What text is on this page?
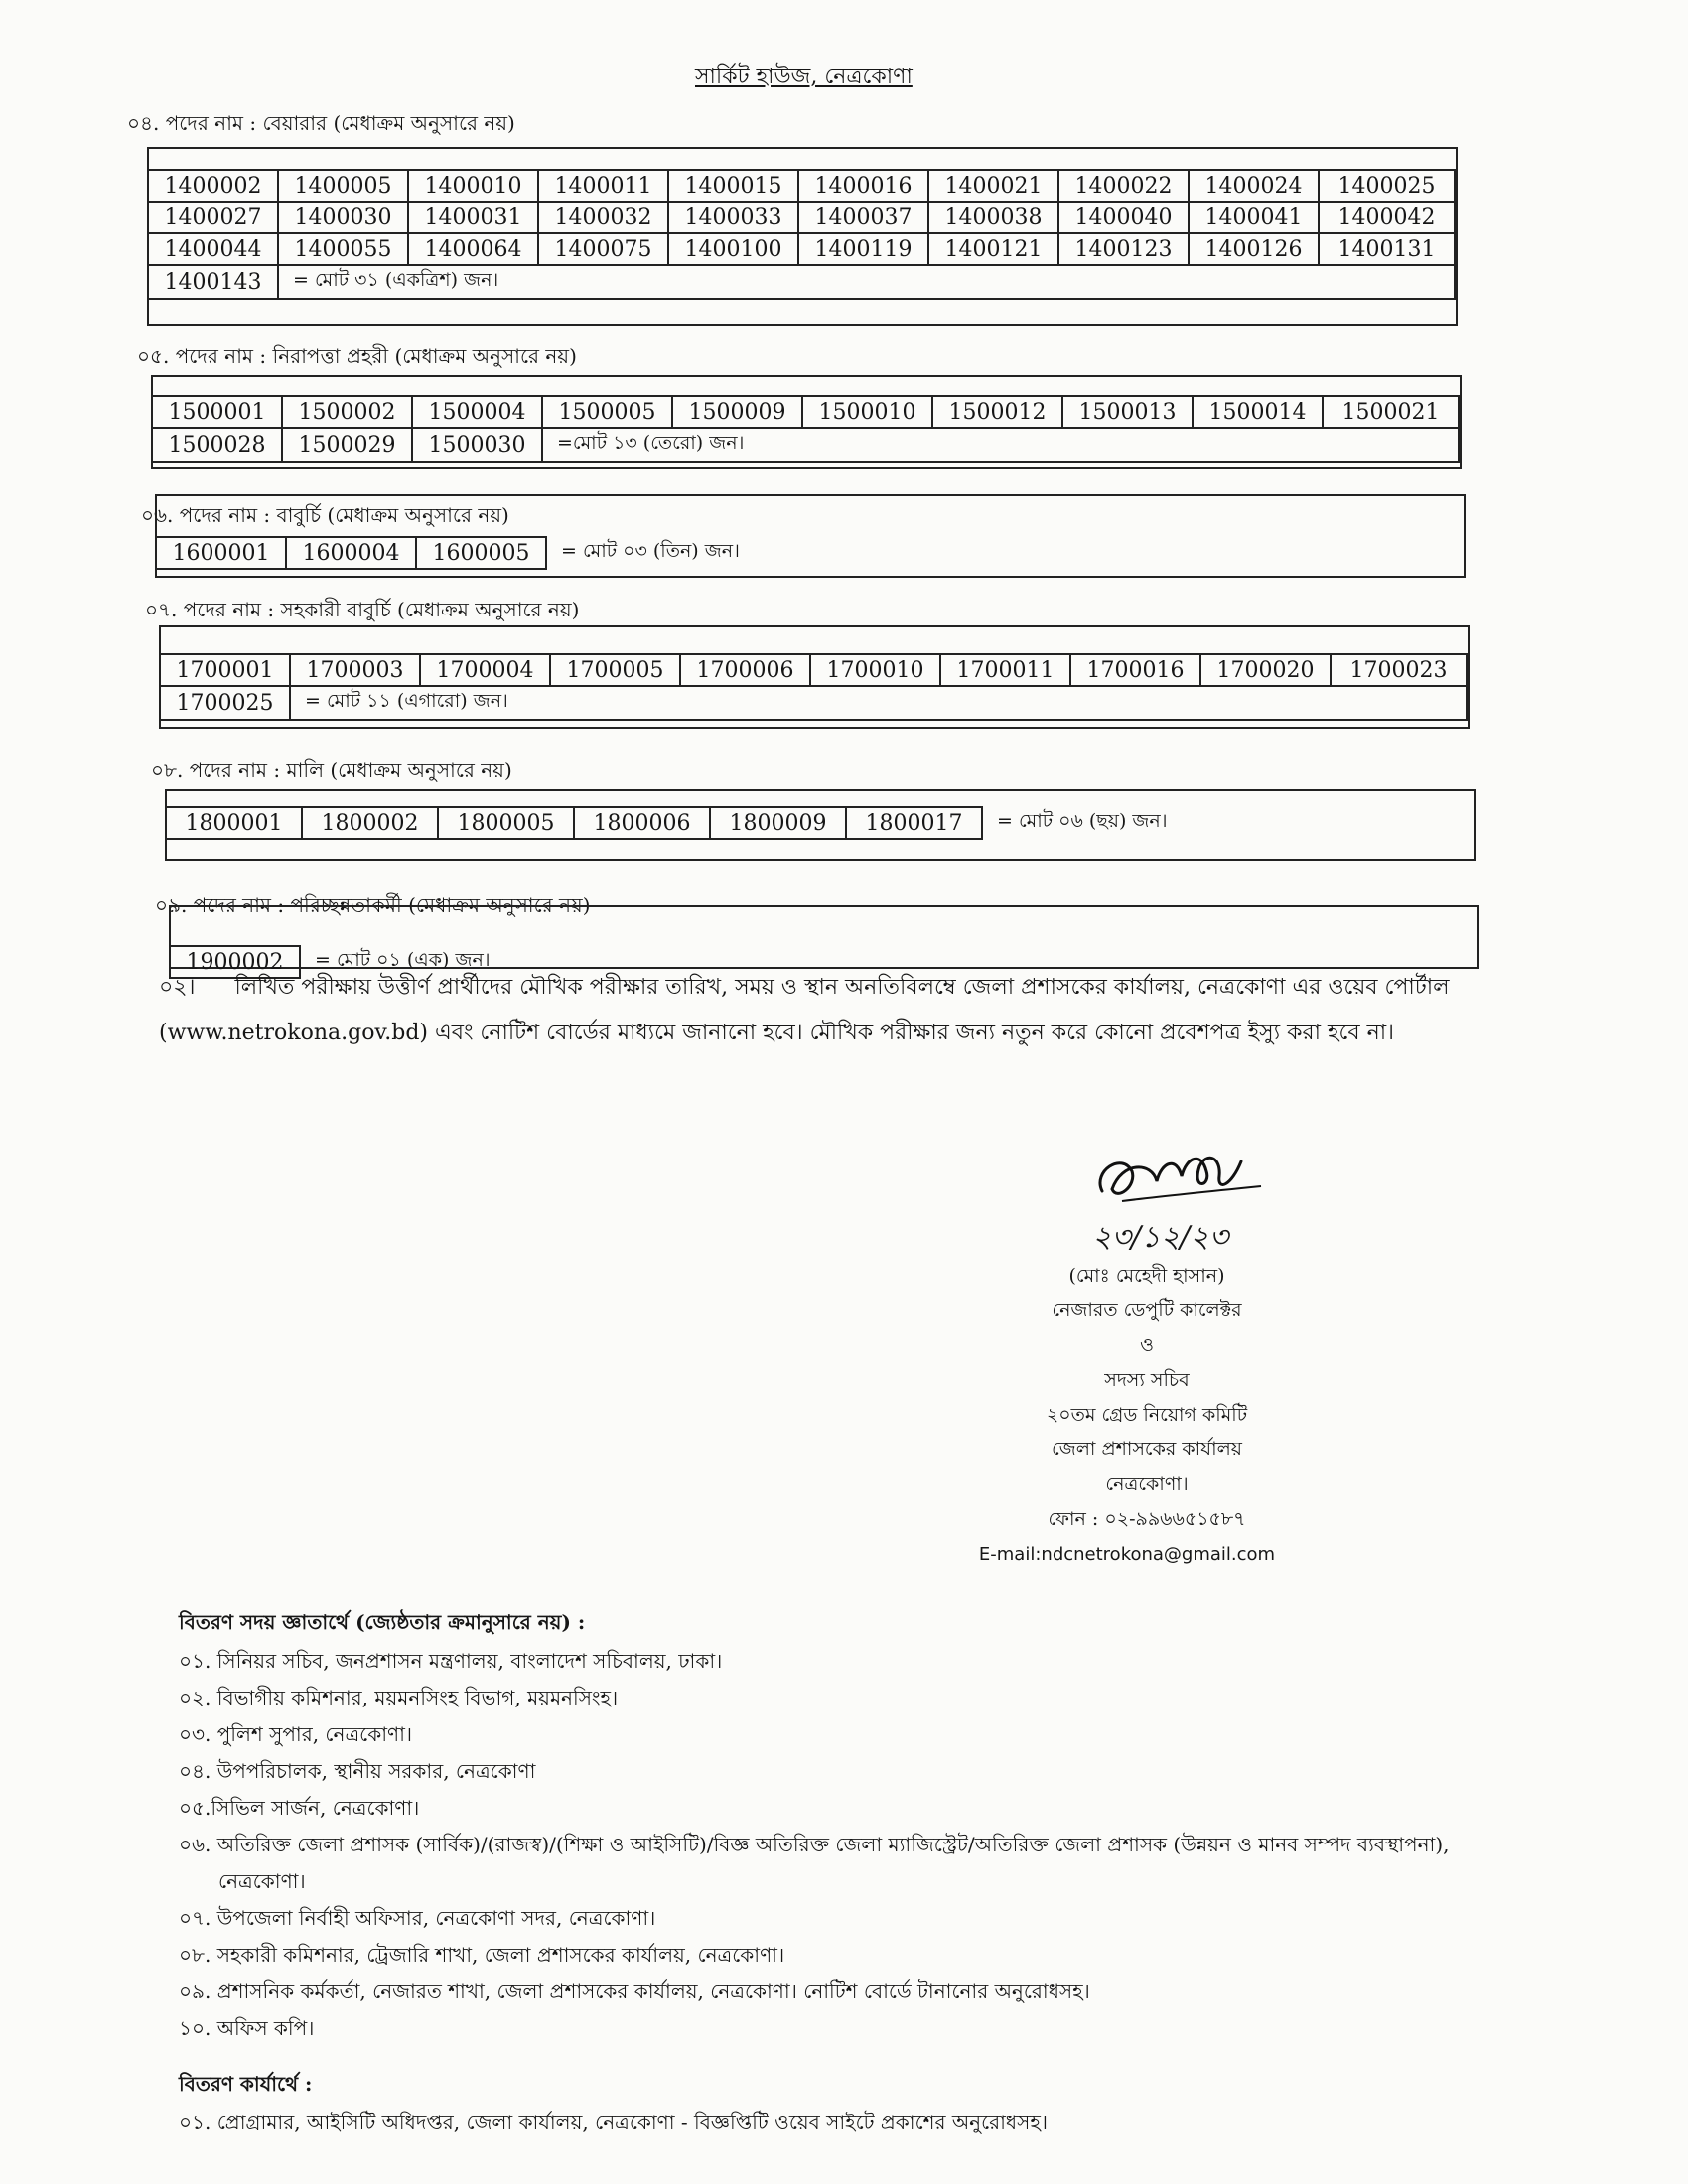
সার্কিট হাউজ, নেত্রকোণা
০৪. পদের নাম : বেয়ারার (মেধাক্রম অনুসারে নয়)
1400002	1400005	1400010	1400011	1400015	1400016	1400021	1400022	1400024	1400025
1400027	1400030	1400031	1400032	1400033	1400037	1400038	1400040	1400041	1400042
1400044	1400055	1400064	1400075	1400100	1400119	1400121	1400123	1400126	1400131
1400143	= মোট ৩১ (একত্রিশ) জন।								
০৫. পদের নাম : নিরাপত্তা প্রহরী (মেধাক্রম অনুসারে নয়)
1500001	1500002	1500004	1500005	1500009	1500010	1500012	1500013	1500014	1500021
1500028	1500029	1500030	=মোট ১৩ (তেরো) জন।						
০৬. পদের নাম : বাবুর্চি (মেধাক্রম অনুসারে নয়)
1600001	1600004	1600005	= মোট ০৩ (তিন) জন।
০৭. পদের নাম : সহকারী বাবুর্চি (মেধাক্রম অনুসারে নয়)
1700001	1700003	1700004	1700005	1700006	1700010	1700011	1700016	1700020	1700023
1700025	= মোট ১১ (এগারো) জন।								
০৮. পদের নাম : মালি (মেধাক্রম অনুসারে নয়)
1800001	1800002	1800005	1800006	1800009	1800017	= মোট ০৬ (ছয়) জন।
০৯. পদের নাম : পরিচ্ছন্নতাকর্মী (মেধাক্রম অনুসারে নয়)
1900002	= মোট ০১ (এক) জন।
০২। লিখিত পরীক্ষায় উত্তীর্ণ প্রার্থীদের মৌখিক পরীক্ষার তারিখ, সময় ও স্থান অনতিবিলম্বে জেলা প্রশাসকের কার্যালয়, নেত্রকোণা এর ওয়েব পোর্টাল (www.netrokona.gov.bd) এবং নোটিশ বোর্ডের মাধ্যমে জানানো হবে। মৌখিক পরীক্ষার জন্য নতুন করে কোনো প্রবেশপত্র ইস্যু করা হবে না।
২৩/১২/২৩
(মোঃ মেহেদী হাসান)
নেজারত ডেপুটি কালেক্টর
ও
সদস্য সচিব
২০তম গ্রেড নিয়োগ কমিটি
জেলা প্রশাসকের কার্যালয়
নেত্রকোণা।
ফোন : ০২-৯৯৬৬৫১৫৮৭
E-mail:ndcnetrokona@gmail.com
বিতরণ সদয় জ্ঞাতার্থে (জ্যেষ্ঠতার ক্রমানুসারে নয়) :
০১. সিনিয়র সচিব, জনপ্রশাসন মন্ত্রণালয়, বাংলাদেশ সচিবালয়, ঢাকা।
০২. বিভাগীয় কমিশনার, ময়মনসিংহ বিভাগ, ময়মনসিংহ।
০৩. পুলিশ সুপার, নেত্রকোণা।
০৪. উপপরিচালক, স্থানীয় সরকার, নেত্রকোণা
০৫.সিভিল সার্জন, নেত্রকোণা।
০৬. অতিরিক্ত জেলা প্রশাসক (সার্বিক)/(রাজস্ব)/(শিক্ষা ও আইসিটি)/বিজ্ঞ অতিরিক্ত জেলা ম্যাজিস্ট্রেট/অতিরিক্ত জেলা প্রশাসক (উন্নয়ন ও মানব সম্পদ ব্যবস্থাপনা), নেত্রকোণা।
০৭. উপজেলা নির্বাহী অফিসার, নেত্রকোণা সদর, নেত্রকোণা।
০৮. সহকারী কমিশনার, ট্রেজারি শাখা, জেলা প্রশাসকের কার্যালয়, নেত্রকোণা।
০৯. প্রশাসনিক কর্মকর্তা, নেজারত শাখা, জেলা প্রশাসকের কার্যালয়, নেত্রকোণা। নোটিশ বোর্ডে টানানোর অনুরোধসহ।
১০. অফিস কপি।
বিতরণ কার্যার্থে :
০১. প্রোগ্রামার, আইসিটি অধিদপ্তর, জেলা কার্যালয়, নেত্রকোণা - বিজ্ঞপ্তিটি ওয়েব সাইটে প্রকাশের অনুরোধসহ।
